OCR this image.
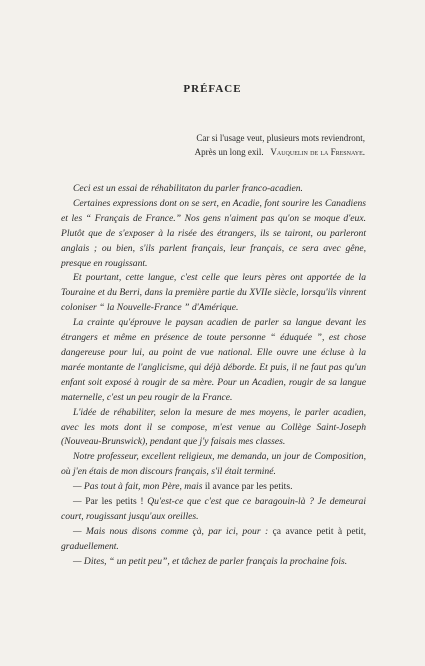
PRÉFACE
Car si l'usage veut, plusieurs mots reviendront,
Après un long exil. Vauquelin de la Fresnaye.

Ceci est un essai de réhabilitaton du parler franco-acadien.

Certaines expressions dont on se sert, en Acadie, font sourire les Canadiens et les “ Français de France.” Nos gens n'aiment pas qu'on se moque d'eux. Plutôt que de s'exposer à la risée des étrangers, ils se tairont, ou parleront anglais ; ou bien, s'ils parlent français, leur français, ce sera avec gêne, presque en rougissant.

Et pourtant, cette langue, c'est celle que leurs pères ont apportée de la Touraine et du Berri, dans la première partie du XVIIe siècle, lorsqu'ils vinrent coloniser “ la Nouvelle-France ” d'Amérique.

La crainte qu'éprouve le paysan acadien de parler sa langue devant les étrangers et même en présence de toute personne “ éduquée ”, est chose dangereuse pour lui, au point de vue national. Elle ouvre une écluse à la marée montante de l'anglicisme, qui déjà déborde. Et puis, il ne faut pas qu'un enfant soit exposé à rougir de sa mère. Pour un Acadien, rougir de sa langue maternelle, c'est un peu rougir de la France.

L'idée de réhabiliter, selon la mesure de mes moyens, le parler acadien, avec les mots dont il se compose, m'est venue au Collège Saint-Joseph (Nouveau-Brunswick), pendant que j'y faisais mes classes.

Notre professeur, excellent religieux, me demanda, un jour de Composition, où j'en étais de mon discours français, s'il était terminé.

— Pas tout à fait, mon Père, mais il avance par les petits.

— Par les petits ! Qu'est-ce que c'est que ce baragouin-là ? Je demeurai court, rougissant jusqu'aux oreilles.

— Mais nous disons comme çà, par ici, pour : ça avance petit à petit, graduellement.

— Dites, “ un petit peu”, et tâchez de parler français la prochaine fois.
